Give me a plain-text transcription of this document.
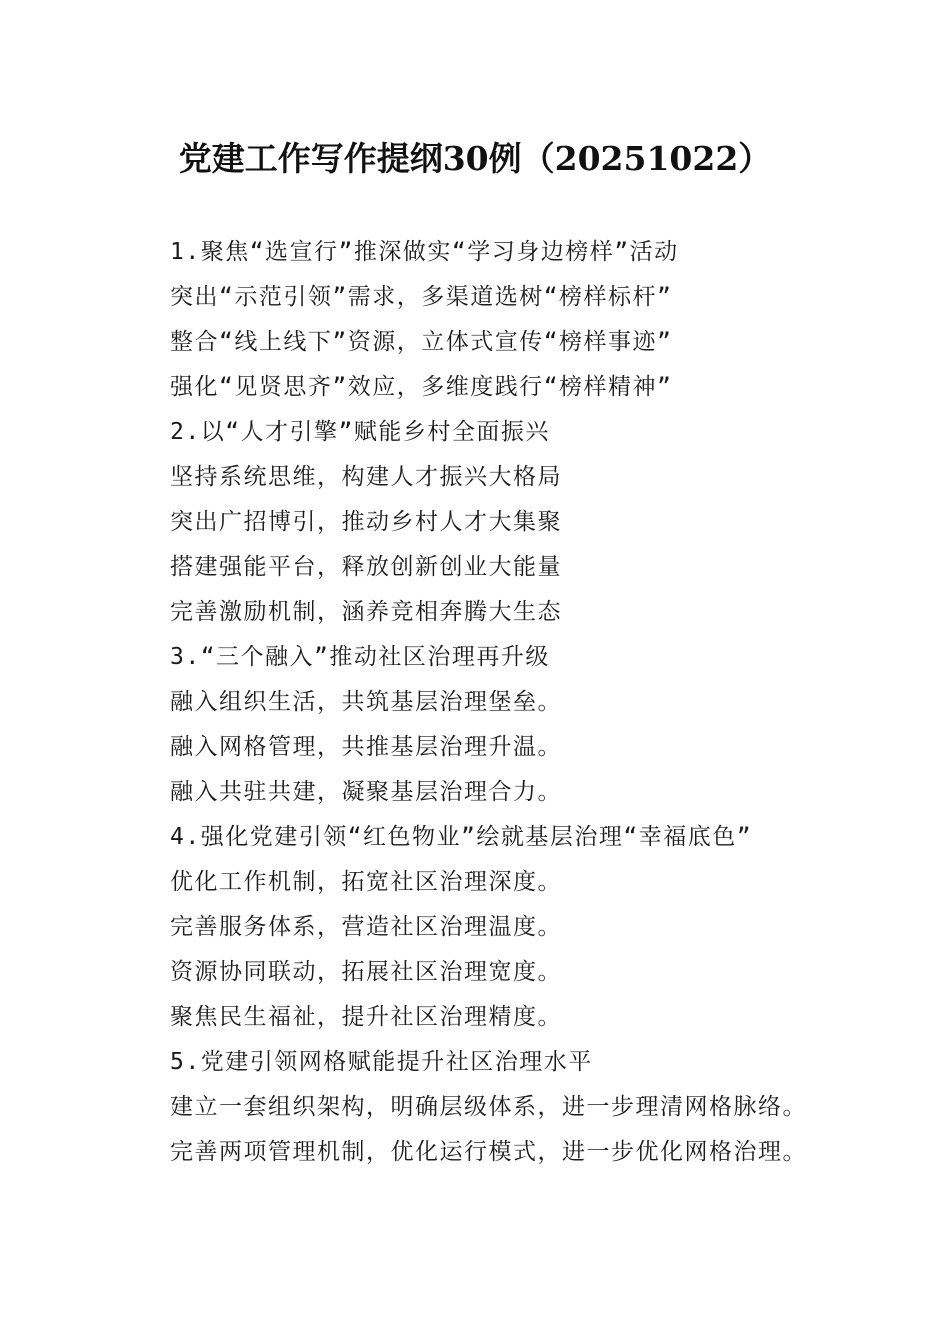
党建工作写作提纲30例（20251022）
1.聚焦“选宣行”推深做实“学习身边榜样”活动
突出“示范引领”需求，多渠道选树“榜样标杆”
整合“线上线下”资源，立体式宣传“榜样事迹”
强化“见贤思齐”效应，多维度践行“榜样精神”
2.以“人才引擎”赋能乡村全面振兴
坚持系统思维，构建人才振兴大格局
突出广招博引，推动乡村人才大集聚
搭建强能平台，释放创新创业大能量
完善激励机制，涵养竞相奔腾大生态
3.“三个融入”推动社区治理再升级
融入组织生活，共筑基层治理堡垒。
融入网格管理，共推基层治理升温。
融入共驻共建，凝聚基层治理合力。
4.强化党建引领“红色物业”绘就基层治理“幸福底色”
优化工作机制，拓宽社区治理深度。
完善服务体系，营造社区治理温度。
资源协同联动，拓展社区治理宽度。
聚焦民生福祉，提升社区治理精度。
5.党建引领网格赋能提升社区治理水平
建立一套组织架构，明确层级体系，进一步理清网格脉络。
完善两项管理机制，优化运行模式，进一步优化网格治理。
